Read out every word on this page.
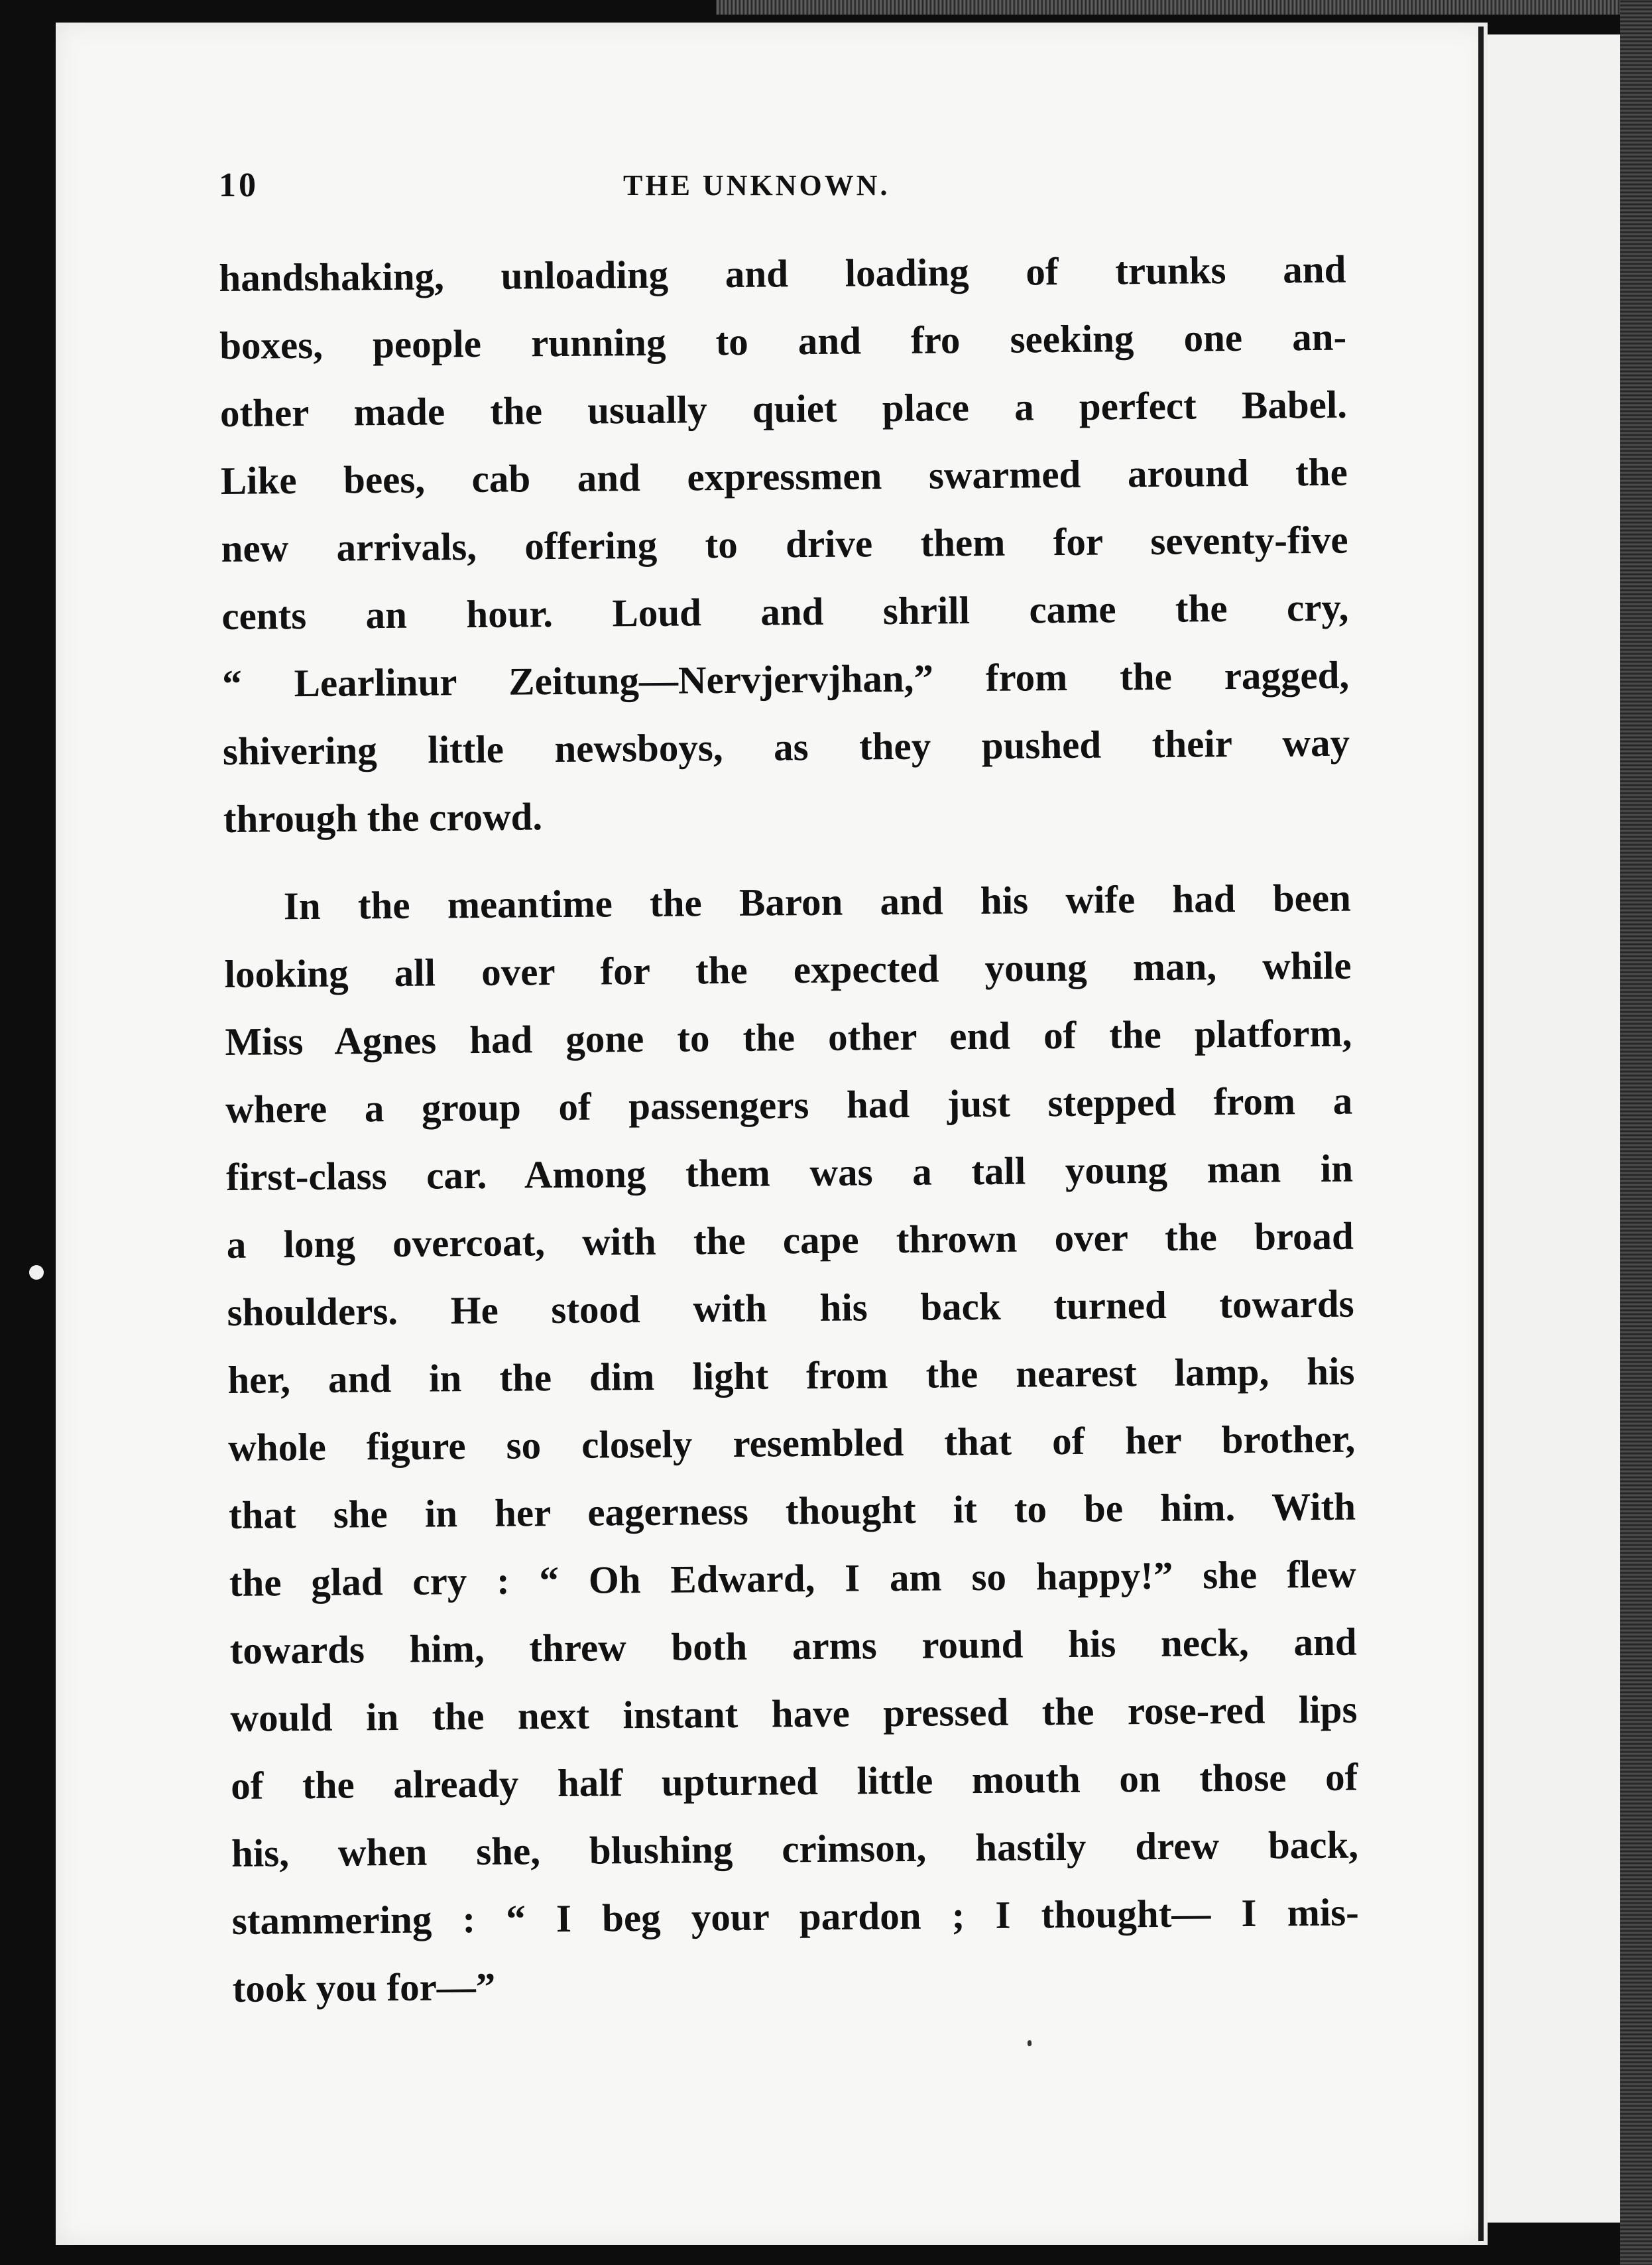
10	THE UNKNOWN.
handshaking, unloading and loading of trunks and
boxes, people running to and fro seeking one an-
other made the usually quiet place a perfect Babel.
Like bees, cab and expressmen swarmed around the
new arrivals, offering to drive them for seventy-five
cents an hour. Loud and shrill came the cry,
“ Learlinur Zeitung—Nervjervjhan,” from the ragged,
shivering little newsboys, as they pushed their way
through the crowd.
In the meantime the Baron and his wife had been
looking all over for the expected young man, while
Miss Agnes had gone to the other end of the platform,
where a group of passengers had just stepped from a
first-class car. Among them was a tall young man in
a long overcoat, with the cape thrown over the broad
shoulders. He stood with his back turned towards
her, and in the dim light from the nearest lamp, his
whole figure so closely resembled that of her brother,
that she in her eagerness thought it to be him. With
the glad cry : “ Oh Edward, I am so happy!” she flew
towards him, threw both arms round his neck, and
would in the next instant have pressed the rose-red lips
of the already half upturned little mouth on those of
his, when she, blushing crimson, hastily drew back,
stammering : “ I beg your pardon ; I thought— I mis-
took you for—”
